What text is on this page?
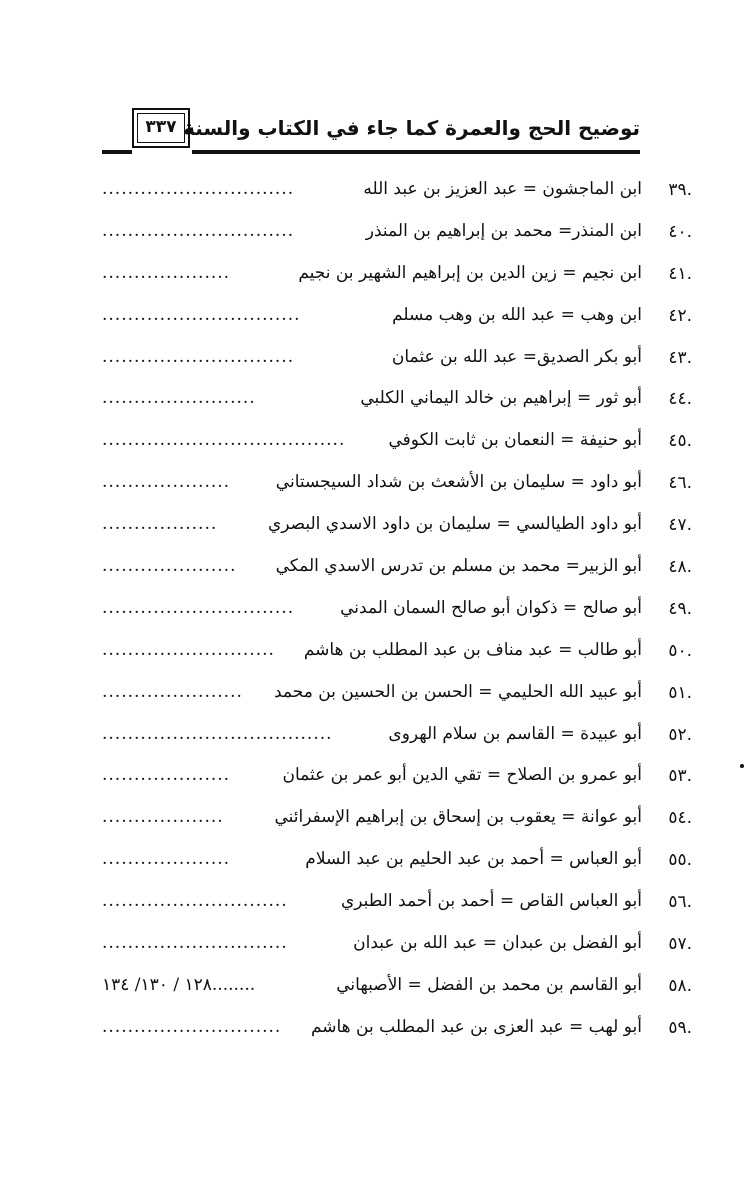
توضيح الحج والعمرة كما جاء في الكتاب والسنة
٣٣٧
٣٩.
ابن الماجشون = عبد العزيز بن عبد الله
..............................
٤٠.
ابن المنذر= محمد بن إبراهيم بن المنذر
..............................
٤١.
ابن نجيم = زين الدين بن إبراهيم الشهير بن نجيم
....................
٤٢.
ابن وهب = عبد الله بن وهب مسلم
...............................
٤٣.
أبو بكر الصديق= عبد الله بن عثمان
..............................
٤٤.
أبو ثور = إبراهيم بن خالد اليماني الكلبي
........................
٤٥.
أبو حنيفة = النعمان بن ثابت الكوفي
......................................
٤٦.
أبو داود = سليمان بن الأشعث بن شداد السيجستاني
....................
٤٧.
أبو داود الطيالسي = سليمان بن داود الاسدي البصري
..................
٤٨.
أبو الزبير= محمد بن مسلم بن تدرس الاسدي المكي
.....................
٤٩.
أبو صالح = ذكوان أبو صالح السمان المدني
..............................
٥٠.
أبو طالب = عبد مناف بن عبد المطلب بن هاشم
...........................
٥١.
أبو عبيد الله الحليمي = الحسن بن الحسين بن محمد
......................
٥٢.
أبو عبيدة = القاسم بن سلام الهروى
....................................
٥٣.
أبو عمرو بن الصلاح = تقي الدين أبو عمر بن عثمان
....................
٥٤.
أبو عوانة = يعقوب بن إسحاق بن إبراهيم الإسفرائني
...................
٥٥.
أبو العباس = أحمد بن عبد الحليم بن عبد السلام
....................
٥٦.
أبو العباس القاص = أحمد بن أحمد الطبري
.............................
٥٧.
أبو الفضل بن عبدان = عبد الله بن عبدان
.............................
٥٨.
أبو القاسم بن محمد بن الفضل = الأصبهاني
١٢٨ / ١٣٠/ ١٣٤........
٥٩.
أبو لهب = عبد العزى بن عبد المطلب بن هاشم
............................
